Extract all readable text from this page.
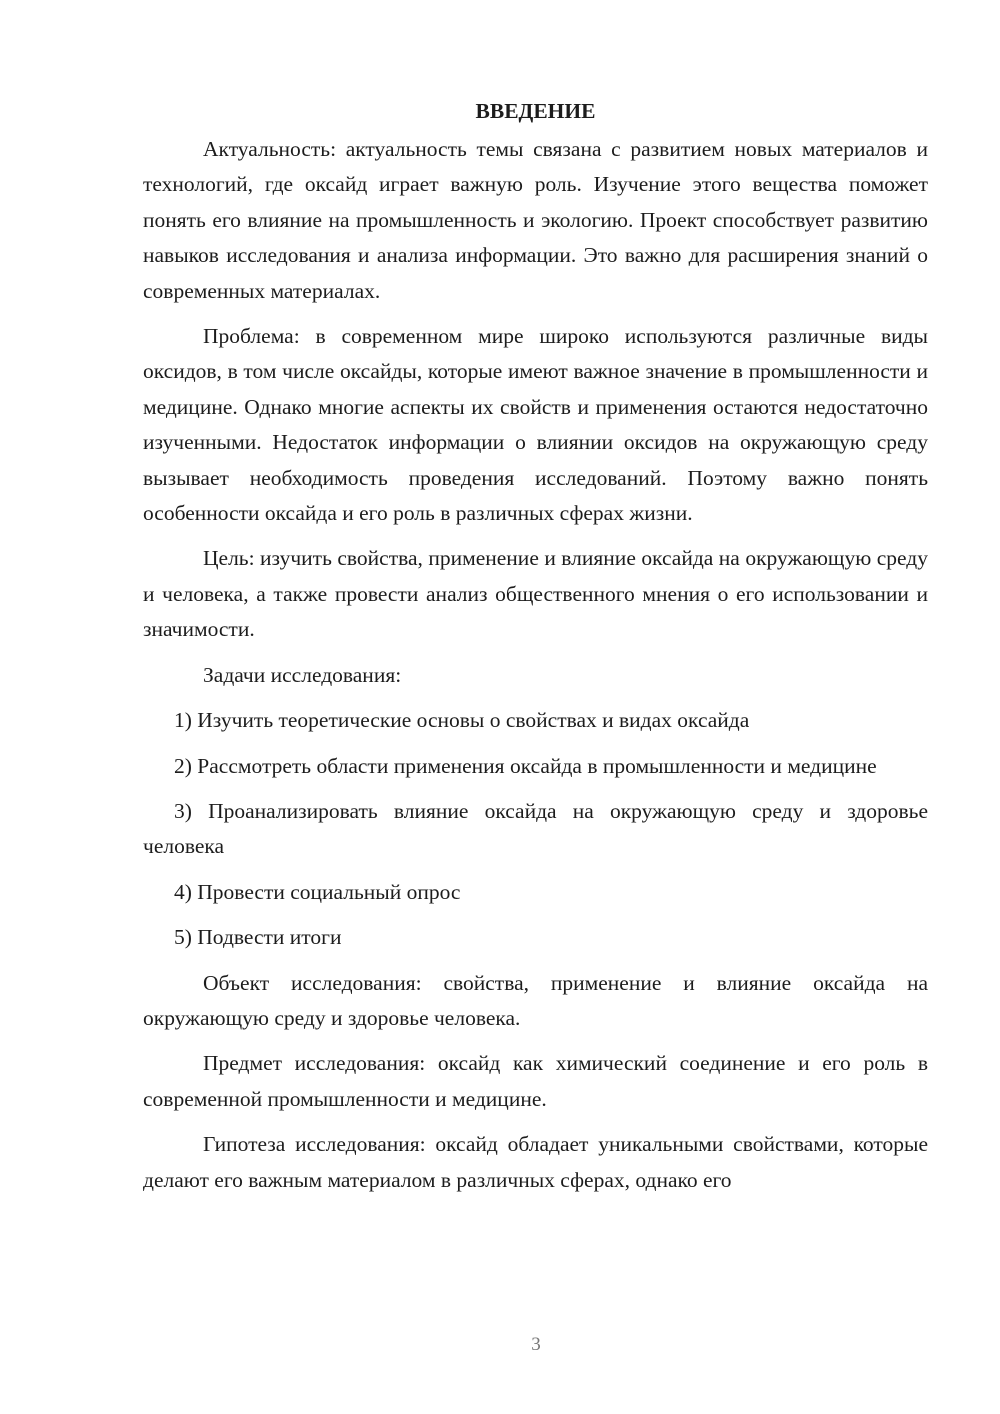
ВВЕДЕНИЕ

Актуальность: актуальность темы связана с развитием новых материалов и технологий, где оксайд играет важную роль. Изучение этого вещества поможет понять его влияние на промышленность и экологию. Проект способствует развитию навыков исследования и анализа информации. Это важно для расширения знаний о современных материалах.

Проблема: в современном мире широко используются различные виды оксидов, в том числе оксайды, которые имеют важное значение в промышленности и медицине. Однако многие аспекты их свойств и применения остаются недостаточно изученными. Недостаток информации о влиянии оксидов на окружающую среду вызывает необходимость проведения исследований. Поэтому важно понять особенности оксайда и его роль в различных сферах жизни.

Цель: изучить свойства, применение и влияние оксайда на окружающую среду и человека, а также провести анализ общественного мнения о его использовании и значимости.

Задачи исследования:

1) Изучить теоретические основы о свойствах и видах оксайда

2) Рассмотреть области применения оксайда в промышленности и медицине

3) Проанализировать влияние оксайда на окружающую среду и здоровье человека

4) Провести социальный опрос

5) Подвести итоги

Объект исследования: свойства, применение и влияние оксайда на окружающую среду и здоровье человека.

Предмет исследования: оксайд как химический соединение и его роль в современной промышленности и медицине.

Гипотеза исследования: оксайд обладает уникальными свойствами, которые делают его важным материалом в различных сферах, однако его

3
